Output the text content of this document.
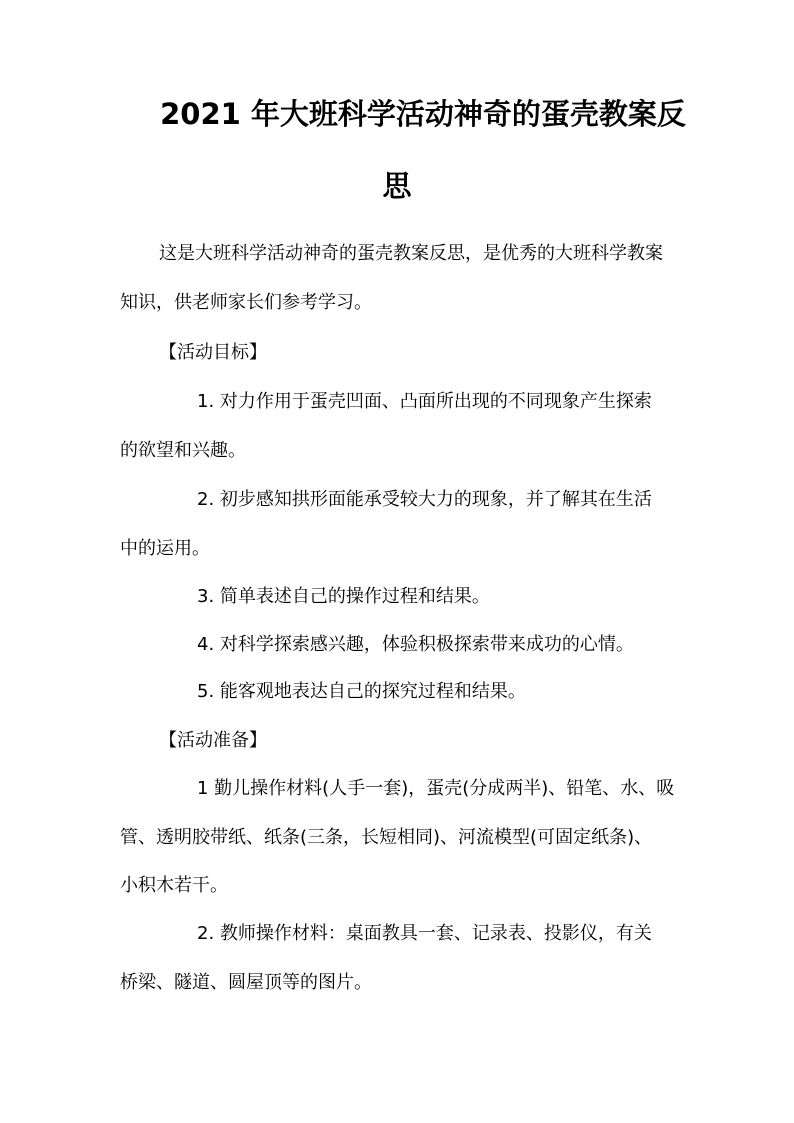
2021 年大班科学活动神奇的蛋壳教案反
思
这是大班科学活动神奇的蛋壳教案反思，是优秀的大班科学教案
知识，供老师家长们参考学习。
【活动目标】
1. 对力作用于蛋壳凹面、凸面所出现的不同现象产生探索
的欲望和兴趣。
2. 初步感知拱形面能承受较大力的现象，并了解其在生活
中的运用。
3. 简单表述自己的操作过程和结果。
4. 对科学探索感兴趣，体验积极探索带来成功的心情。
5. 能客观地表达自己的探究过程和结果。
【活动准备】
1 勤儿操作材料(人手一套)，蛋壳(分成两半)、铅笔、水、吸
管、透明胶带纸、纸条(三条，长短相同)、河流模型(可固定纸条)、
小积木若干。
2. 教师操作材料：桌面教具一套、记录表、投影仪，有关
桥梁、隧道、圆屋顶等的图片。
